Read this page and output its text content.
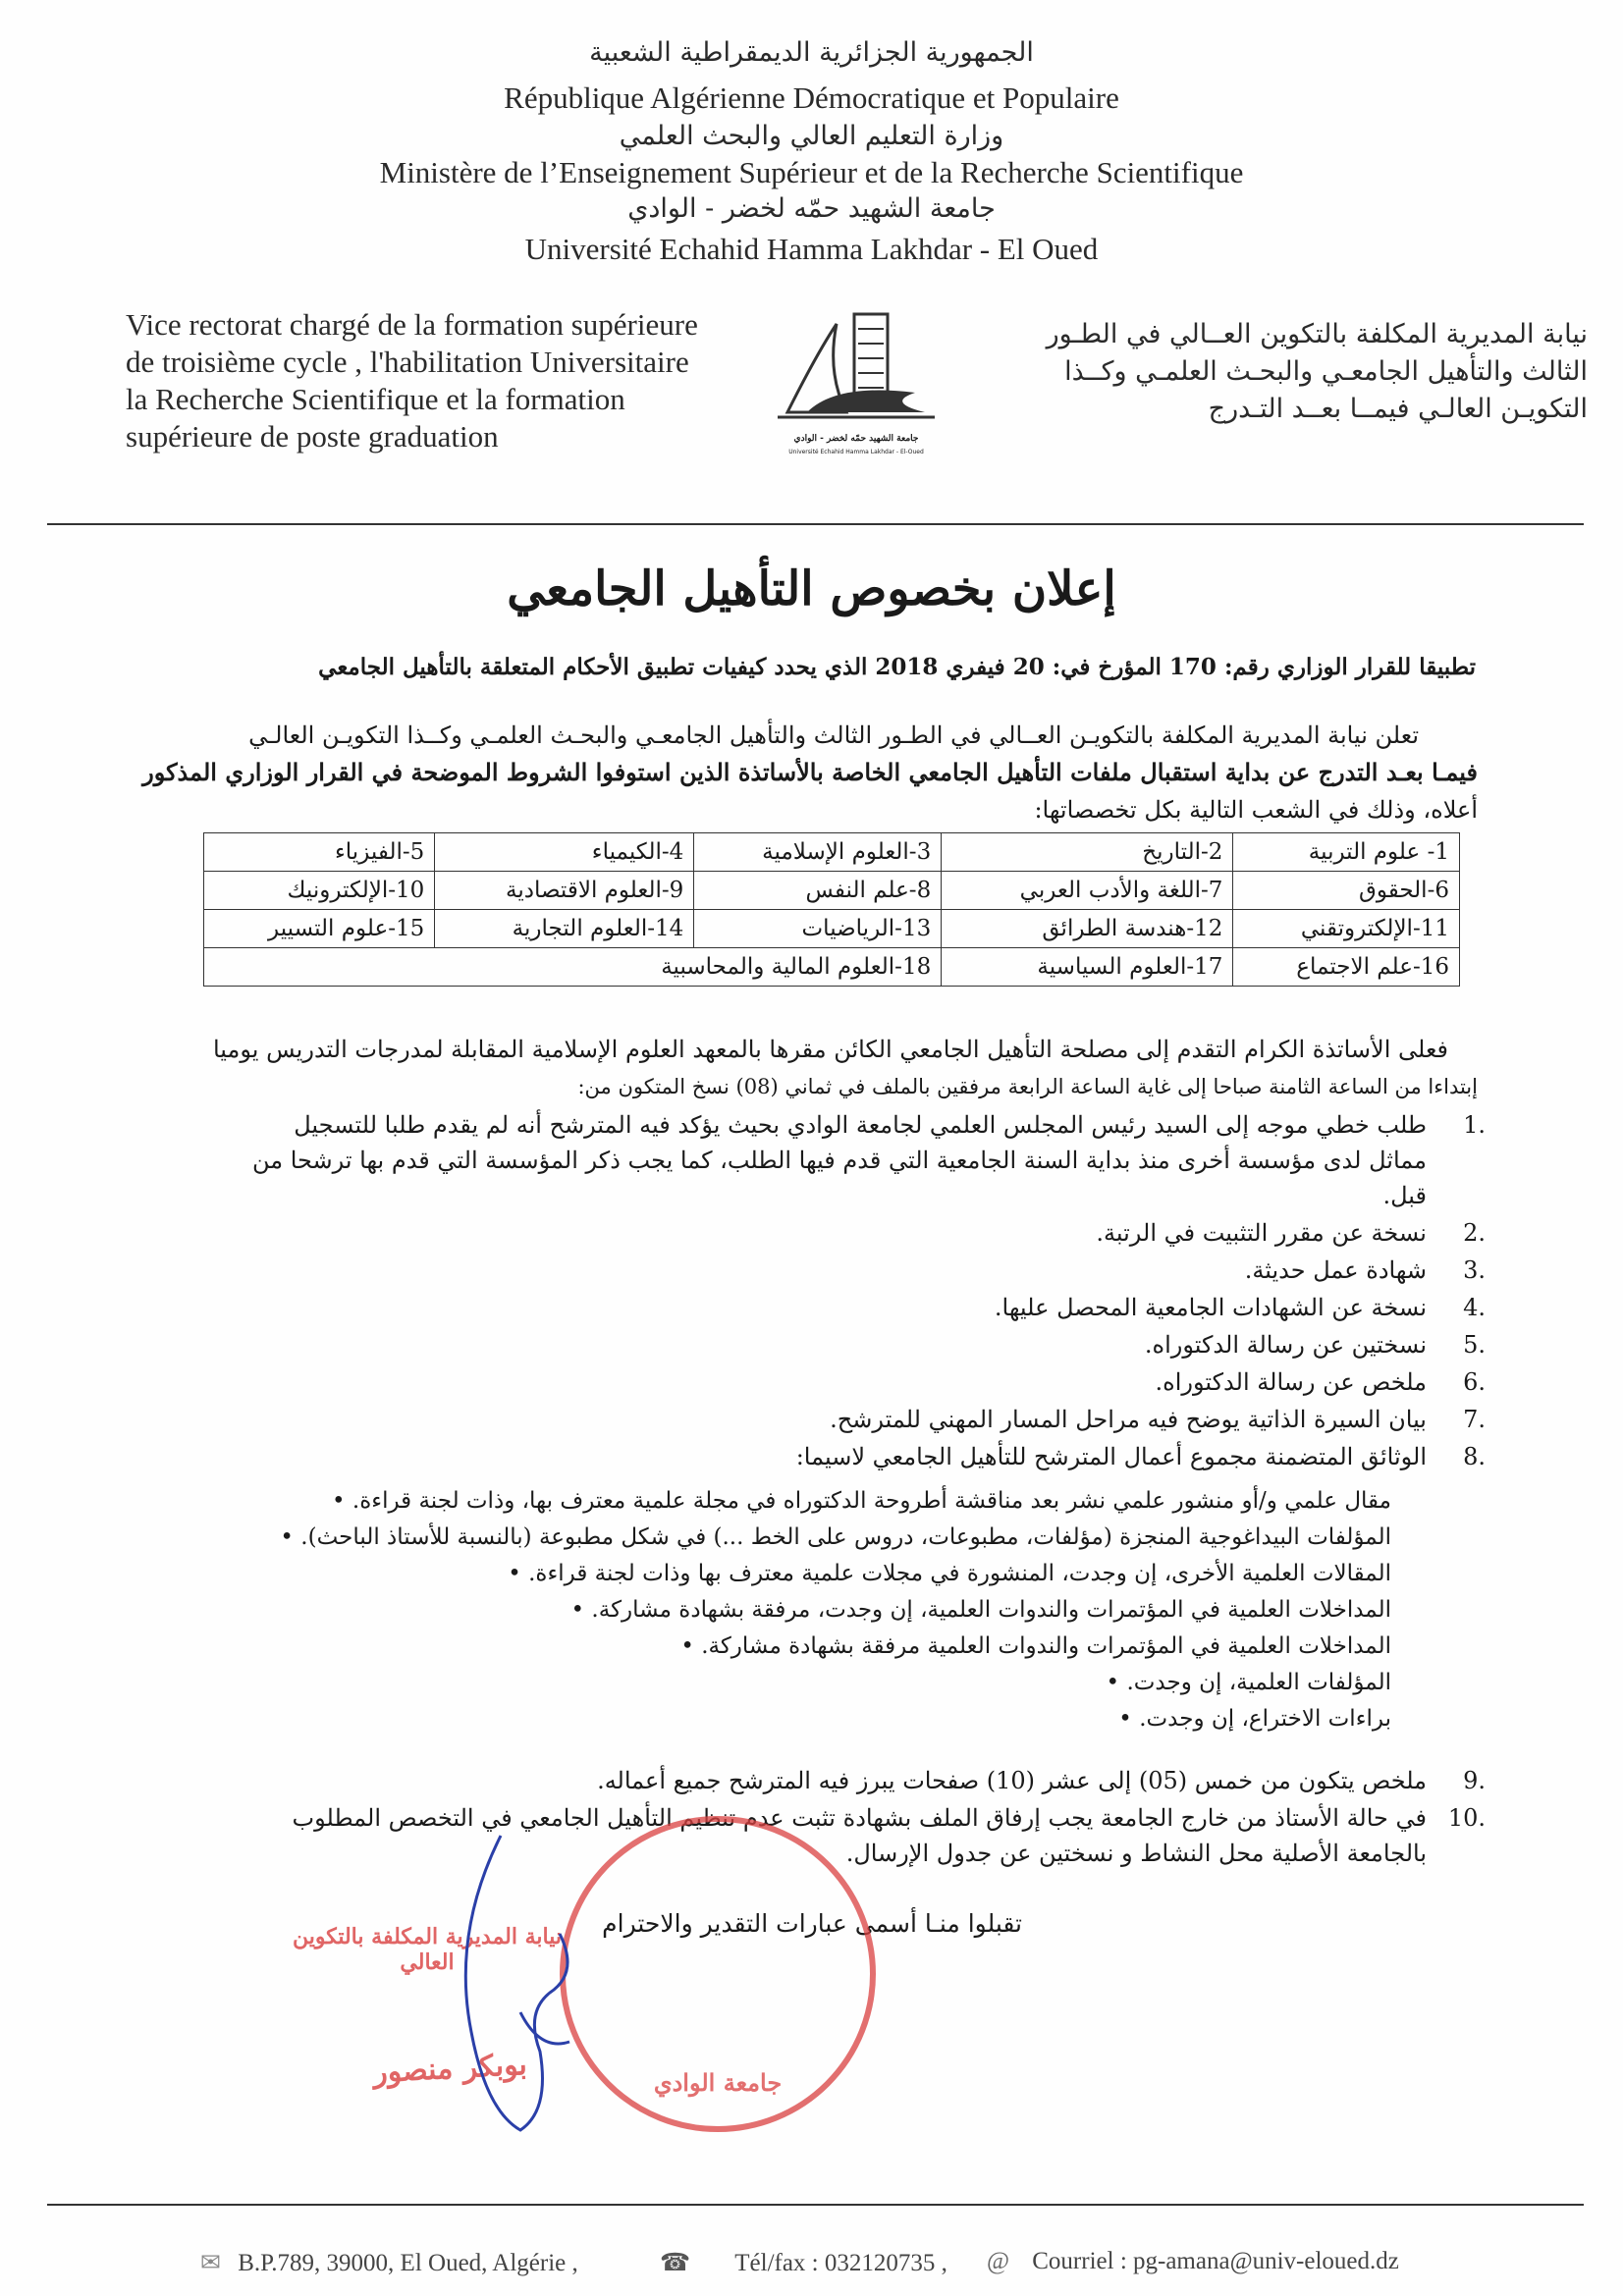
الجمهورية الجزائرية الديمقراطية الشعبية
République Algérienne Démocratique et Populaire
وزارة التعليم العالي والبحث العلمي
Ministère de l’Enseignement Supérieur et de la Recherche Scientifique
جامعة الشهيد حمّه لخضر - الوادي
Université Echahid Hamma Lakhdar - El Oued
Vice rectorat chargé de la formation supérieure
de troisième cycle , l'habilitation Universitaire
la Recherche Scientifique et la formation
supérieure de poste graduation	جامعة الشهيد حمّه لخضر - الوادي
Université Echahid Hamma Lakhdar - El-Oued
نيابة المديرية المكلفة بالتكوين العــالي في الطـور
الثالث والتأهيل الجامعـي والبحـث العلمـي وكــذا
التكويـن العالـي فيمــا بعــد التـدرج
إعلان بخصوص التأهيل الجامعي
تطبيقا للقرار الوزاري رقم: 170 المؤرخ في: 20 فيفري 2018 الذي يحدد كيفيات تطبيق الأحكام المتعلقة بالتأهيل الجامعي
تعلن نيابة المديرية المكلفة بالتكويـن العــالي في الطـور الثالث والتأهيل الجامعـي والبحـث العلمـي وكــذا التكويـن العالـي
فيمـا بعـد التدرج عن بداية استقبال ملفات التأهيل الجامعي الخاصة بالأساتذة الذين استوفوا الشروط الموضحة في القرار الوزاري المذكور
أعلاه، وذلك في الشعب التالية بكل تخصصاتها:
1- علوم التربية	2-التاريخ	3-العلوم الإسلامية	4-الكيمياء	5-الفيزياء
6-الحقوق	7-اللغة والأدب العربي	8-علم النفس	9-العلوم الاقتصادية	10-الإلكترونيك
11-الإلكتروتقني	12-هندسة الطرائق	13-الرياضيات	14-العلوم التجارية	15-علوم التسيير
16-علم الاجتماع	17-العلوم السياسية	18-العلوم المالية والمحاسبية		
فعلى الأساتذة الكرام التقدم إلى مصلحة التأهيل الجامعي الكائن مقرها بالمعهد العلوم الإسلامية المقابلة لمدرجات التدريس يوميا
إبتداءا من الساعة الثامنة صباحا إلى غاية الساعة الرابعة مرفقين بالملف في ثماني (08) نسخ المتكون من:
1.طلب خطي موجه إلى السيد رئيس المجلس العلمي لجامعة الوادي بحيث يؤكد فيه المترشح أنه لم يقدم طلبا للتسجيل
مماثل لدى مؤسسة أخرى منذ بداية السنة الجامعية التي قدم فيها الطلب، كما يجب ذكر المؤسسة التي قدم بها ترشحا من
قبل.
2.نسخة عن مقرر التثبيت في الرتبة.
3.شهادة عمل حديثة.
4.نسخة عن الشهادات الجامعية المحصل عليها.
5.نسختين عن رسالة الدكتوراه.
6.ملخص عن رسالة الدكتوراه.
7.بيان السيرة الذاتية يوضح فيه مراحل المسار المهني للمترشح.
8.الوثائق المتضمنة مجموع أعمال المترشح للتأهيل الجامعي لاسيما:
مقال علمي و/أو منشور علمي نشر بعد مناقشة أطروحة الدكتوراه في مجلة علمية معترف بها، وذات لجنة قراءة. •
المؤلفات البيداغوجية المنجزة (مؤلفات، مطبوعات، دروس على الخط ...) في شكل مطبوعة (بالنسبة للأستاذ الباحث). •
المقالات العلمية الأخرى، إن وجدت، المنشورة في مجلات علمية معترف بها وذات لجنة قراءة. •
المداخلات العلمية في المؤتمرات والندوات العلمية، إن وجدت، مرفقة بشهادة مشاركة. •
المداخلات العلمية في المؤتمرات والندوات العلمية مرفقة بشهادة مشاركة. •
المؤلفات العلمية، إن وجدت. •
براءات الاختراع، إن وجدت. •
9.ملخص يتكون من خمس (05) إلى عشر (10) صفحات يبرز فيه المترشح جميع أعماله.
10.في حالة الأستاذ من خارج الجامعة يجب إرفاق الملف بشهادة تثبت عدم تنظيم التأهيل الجامعي في التخصص المطلوب
بالجامعة الأصلية محل النشاط و نسختين عن جدول الإرسال.
تقبلوا منـا أسمى عبارات التقدير والاحترام
جامعة الوادي
نيابة المديرية المكلفة بالتكوين العالي
بوبكر منصور
✉ B.P.789, 39000, El Oued, Algérie ,	☎ Tél/fax : 032120735 , @ Courriel : pg-amana@univ-eloued.dz
